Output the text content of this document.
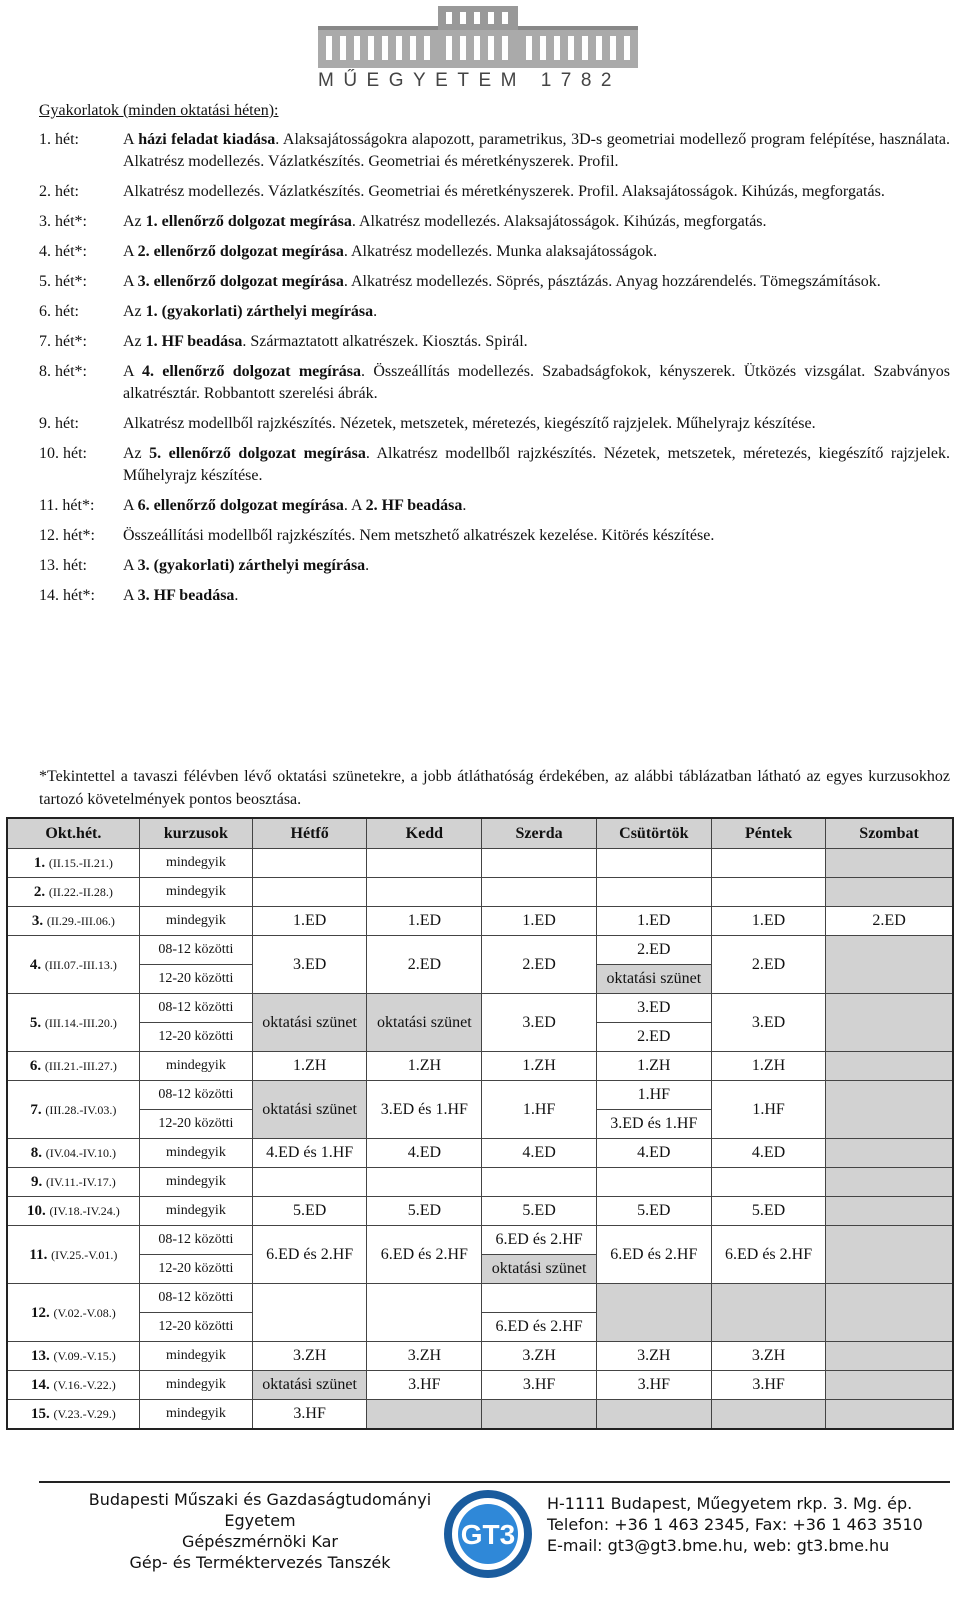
MŰEGYETEM 1782
Gyakorlatok (minden oktatási héten):
1. hét:	A házi feladat kiadása. Alaksajátosságokra alapozott, parametrikus, 3D-s geometriai modellező program felépítése, használata. Alkatrész modellezés. Vázlatkészítés. Geometriai és méretkényszerek. Profil.
2. hét:	Alkatrész modellezés. Vázlatkészítés. Geometriai és méretkényszerek. Profil. Alaksajátosságok. Kihúzás, megforgatás.
3. hét*:	Az 1. ellenőrző dolgozat megírása. Alkatrész modellezés. Alaksajátosságok. Kihúzás, megforgatás.
4. hét*:	A 2. ellenőrző dolgozat megírása. Alkatrész modellezés. Munka alaksajátosságok.
5. hét*:	A 3. ellenőrző dolgozat megírása. Alkatrész modellezés. Söprés, pásztázás. Anyag hozzárendelés. Tömegszámítások.
6. hét:	Az 1. (gyakorlati) zárthelyi megírása.
7. hét*:	Az 1. HF beadása. Származtatott alkatrészek. Kiosztás. Spirál.
8. hét*:	A 4. ellenőrző dolgozat megírása. Összeállítás modellezés. Szabadságfokok, kényszerek. Ütközés vizsgálat. Szabványos alkatrésztár. Robbantott szerelési ábrák.
9. hét:	Alkatrész modellből rajzkészítés. Nézetek, metszetek, méretezés, kiegészítő rajzjelek. Műhelyrajz készítése.
10. hét:	Az 5. ellenőrző dolgozat megírása. Alkatrész modellből rajzkészítés. Nézetek, metszetek, méretezés, kiegészítő rajzjelek. Műhelyrajz készítése.
11. hét*:	A 6. ellenőrző dolgozat megírása. A 2. HF beadása.
12. hét*:	Összeállítási modellből rajzkészítés. Nem metszhető alkatrészek kezelése. Kitörés készítése.
13. hét:	A 3. (gyakorlati) zárthelyi megírása.
14. hét*:	A 3. HF beadása.
*Tekintettel a tavaszi félévben lévő oktatási szünetekre, a jobb átláthatóság érdekében, az alábbi táblázatban látható az egyes kurzusokhoz tartozó követelmények pontos beosztása.
Okt.hét.	kurzusok	Hétfő	Kedd	Szerda	Csütörtök	Péntek	Szombat
1. (II.15.-II.21.)	mindegyik						
2. (II.22.-II.28.)	mindegyik						
3. (II.29.-III.06.)	mindegyik	1.ED	1.ED	1.ED	1.ED	1.ED	2.ED
4. (III.07.-III.13.)	08-12 közötti	3.ED	2.ED	2.ED	2.ED	2.ED	
	12-20 közötti				oktatási szünet		
5. (III.14.-III.20.)	08-12 közötti	oktatási szünet	oktatási szünet	3.ED	3.ED	3.ED	
	12-20 közötti				2.ED		
6. (III.21.-III.27.)	mindegyik	1.ZH	1.ZH	1.ZH	1.ZH	1.ZH	
7. (III.28.-IV.03.)	08-12 közötti	oktatási szünet	3.ED és 1.HF	1.HF	1.HF	1.HF	
	12-20 közötti				3.ED és 1.HF		
8. (IV.04.-IV.10.)	mindegyik	4.ED és 1.HF	4.ED	4.ED	4.ED	4.ED	
9. (IV.11.-IV.17.)	mindegyik						
10. (IV.18.-IV.24.)	mindegyik	5.ED	5.ED	5.ED	5.ED	5.ED	
11. (IV.25.-V.01.)	08-12 közötti	6.ED és 2.HF	6.ED és 2.HF	6.ED és 2.HF	6.ED és 2.HF	6.ED és 2.HF	
	12-20 közötti			oktatási szünet			
12. (V.02.-V.08.)	08-12 közötti						
	12-20 közötti			6.ED és 2.HF			
13. (V.09.-V.15.)	mindegyik	3.ZH	3.ZH	3.ZH	3.ZH	3.ZH	
14. (V.16.-V.22.)	mindegyik	oktatási szünet	3.HF	3.HF	3.HF	3.HF	
15. (V.23.-V.29.)	mindegyik	3.HF					
Budapesti Műszaki és Gazdaságtudományi
Egyetem
Gépészmérnöki Kar
Gép- és Terméktervezés Tanszék
GT3
H-1111 Budapest, Műegyetem rkp. 3. Mg. ép.
Telefon: +36 1 463 2345, Fax: +36 1 463 3510
E-mail: gt3@gt3.bme.hu, web: gt3.bme.hu
